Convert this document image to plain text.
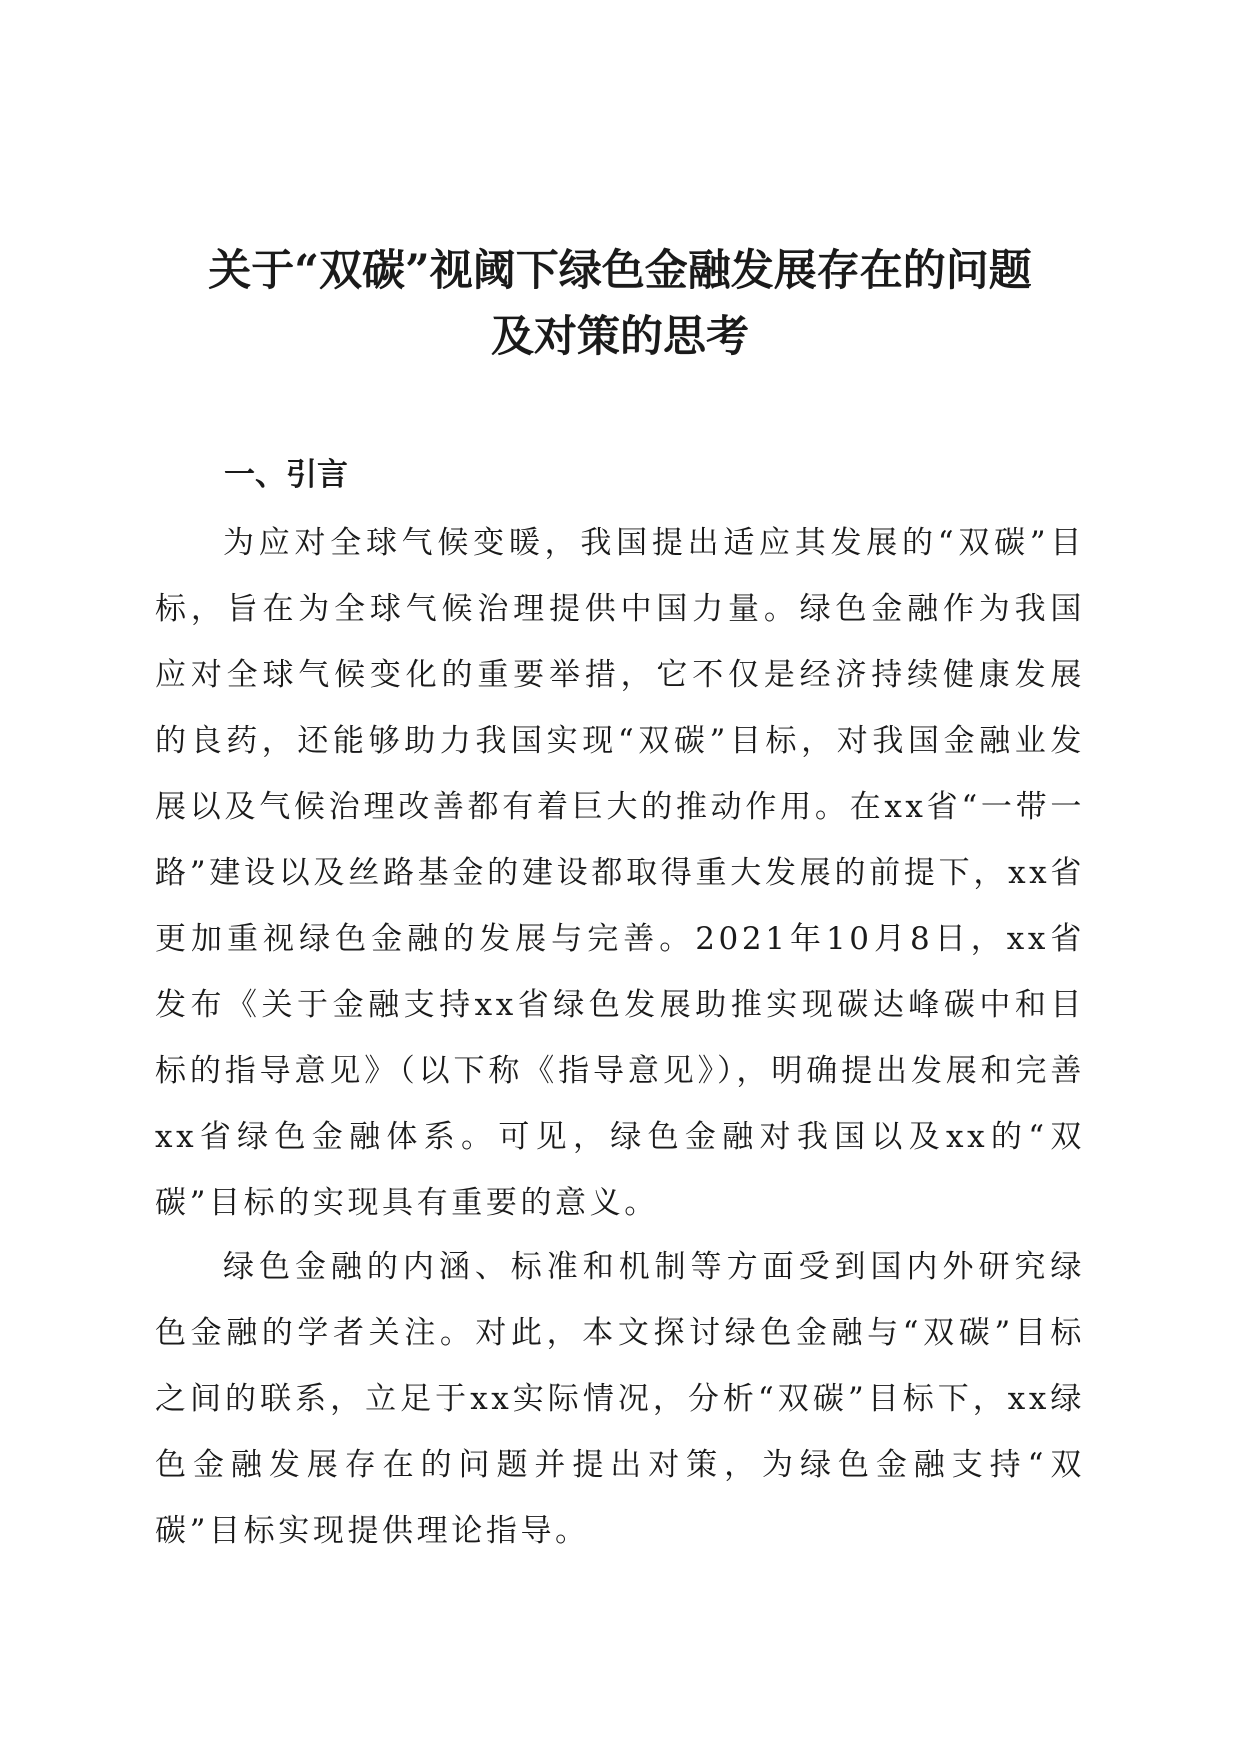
关于“双碳”视阈下绿色金融发展存在的问题
及对策的思考
一、引言

为应对全球气候变暖，我国提出适应其发展的“双碳”目标，旨在为全球气候治理提供中国力量。绿色金融作为我国应对全球气候变化的重要举措，它不仅是经济持续健康发展的良药，还能够助力我国实现“双碳”目标，对我国金融业发展以及气候治理改善都有着巨大的推动作用。在xx省“一带一路”建设以及丝路基金的建设都取得重大发展的前提下，xx省更加重视绿色金融的发展与完善。2021年10月8日，xx省发布《关于金融支持xx省绿色发展助推实现碳达峰碳中和目标的指导意见》（以下称《指导意见》），明确提出发展和完善xx省绿色金融体系。可见，绿色金融对我国以及xx的“双碳”目标的实现具有重要的意义。

绿色金融的内涵、标准和机制等方面受到国内外研究绿色金融的学者关注。对此，本文探讨绿色金融与“双碳”目标之间的联系，立足于xx实际情况，分析“双碳”目标下，xx绿色金融发展存在的问题并提出对策，为绿色金融支持“双碳”目标实现提供理论指导。
